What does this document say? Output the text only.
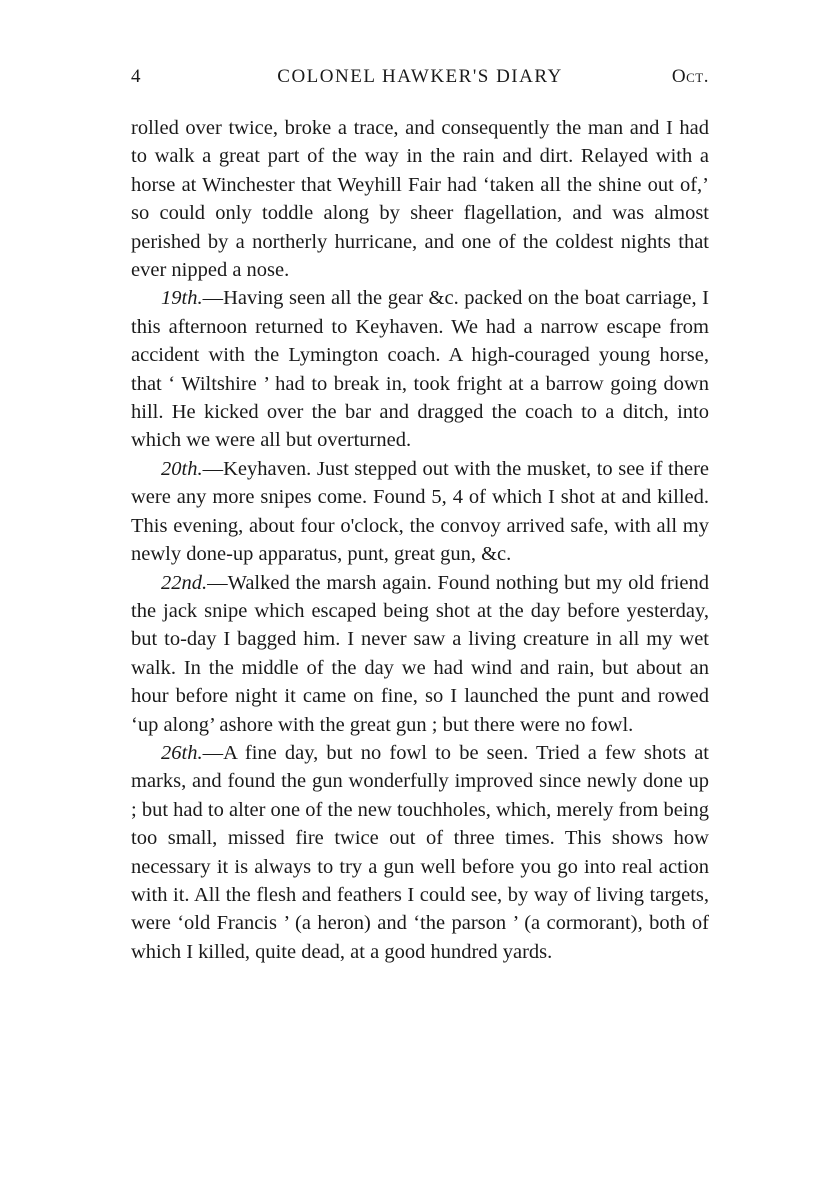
4	COLONEL HAWKER'S DIARY	Oct.

rolled over twice, broke a trace, and consequently the man and I had to walk a great part of the way in the rain and dirt. Relayed with a horse at Winchester that Weyhill Fair had ‘taken all the shine out of,’ so could only toddle along by sheer flagellation, and was almost perished by a northerly hurricane, and one of the coldest nights that ever nipped a nose.

19th.—Having seen all the gear &c. packed on the boat carriage, I this afternoon returned to Keyhaven. We had a narrow escape from accident with the Lymington coach. A high-couraged young horse, that ‘ Wiltshire ’ had to break in, took fright at a barrow going down hill. He kicked over the bar and dragged the coach to a ditch, into which we were all but overturned.

20th.—Keyhaven. Just stepped out with the musket, to see if there were any more snipes come. Found 5, 4 of which I shot at and killed. This evening, about four o'clock, the convoy arrived safe, with all my newly done-up apparatus, punt, great gun, &c.

22nd.—Walked the marsh again. Found nothing but my old friend the jack snipe which escaped being shot at the day before yesterday, but to-day I bagged him. I never saw a living creature in all my wet walk. In the middle of the day we had wind and rain, but about an hour before night it came on fine, so I launched the punt and rowed ‘up along’ ashore with the great gun ; but there were no fowl.

26th.—A fine day, but no fowl to be seen. Tried a few shots at marks, and found the gun wonderfully improved since newly done up ; but had to alter one of the new touchholes, which, merely from being too small, missed fire twice out of three times. This shows how necessary it is always to try a gun well before you go into real action with it. All the flesh and feathers I could see, by way of living targets, were ‘old Francis ’ (a heron) and ‘the parson ’ (a cormorant), both of which I killed, quite dead, at a good hundred yards.
